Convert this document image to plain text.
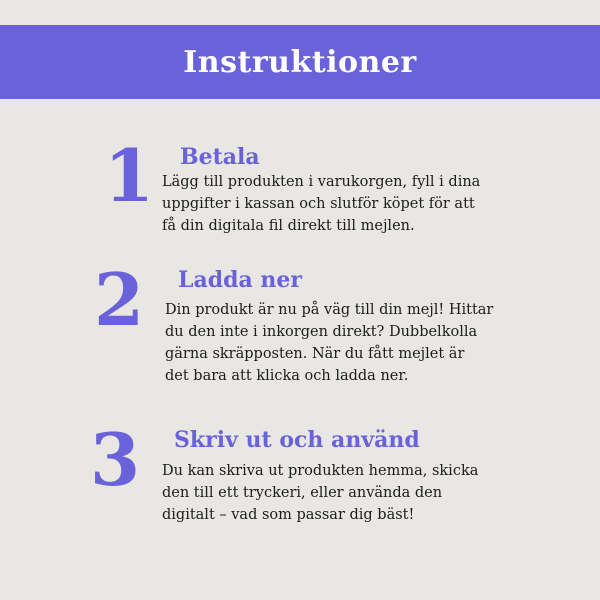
Instruktioner
1 Betala
Lägg till produkten i varukorgen, fyll i dina
uppgifter i kassan och slutför köpet för att
få din digitala fil direkt till mejlen.
2 Ladda ner
Din produkt är nu på väg till din mejl! Hittar
du den inte i inkorgen direkt? Dubbelkolla
gärna skräpposten. När du fått mejlet är
det bara att klicka och ladda ner.
3 Skriv ut och använd
Du kan skriva ut produkten hemma, skicka
den till ett tryckeri, eller använda den
digitalt – vad som passar dig bäst!
